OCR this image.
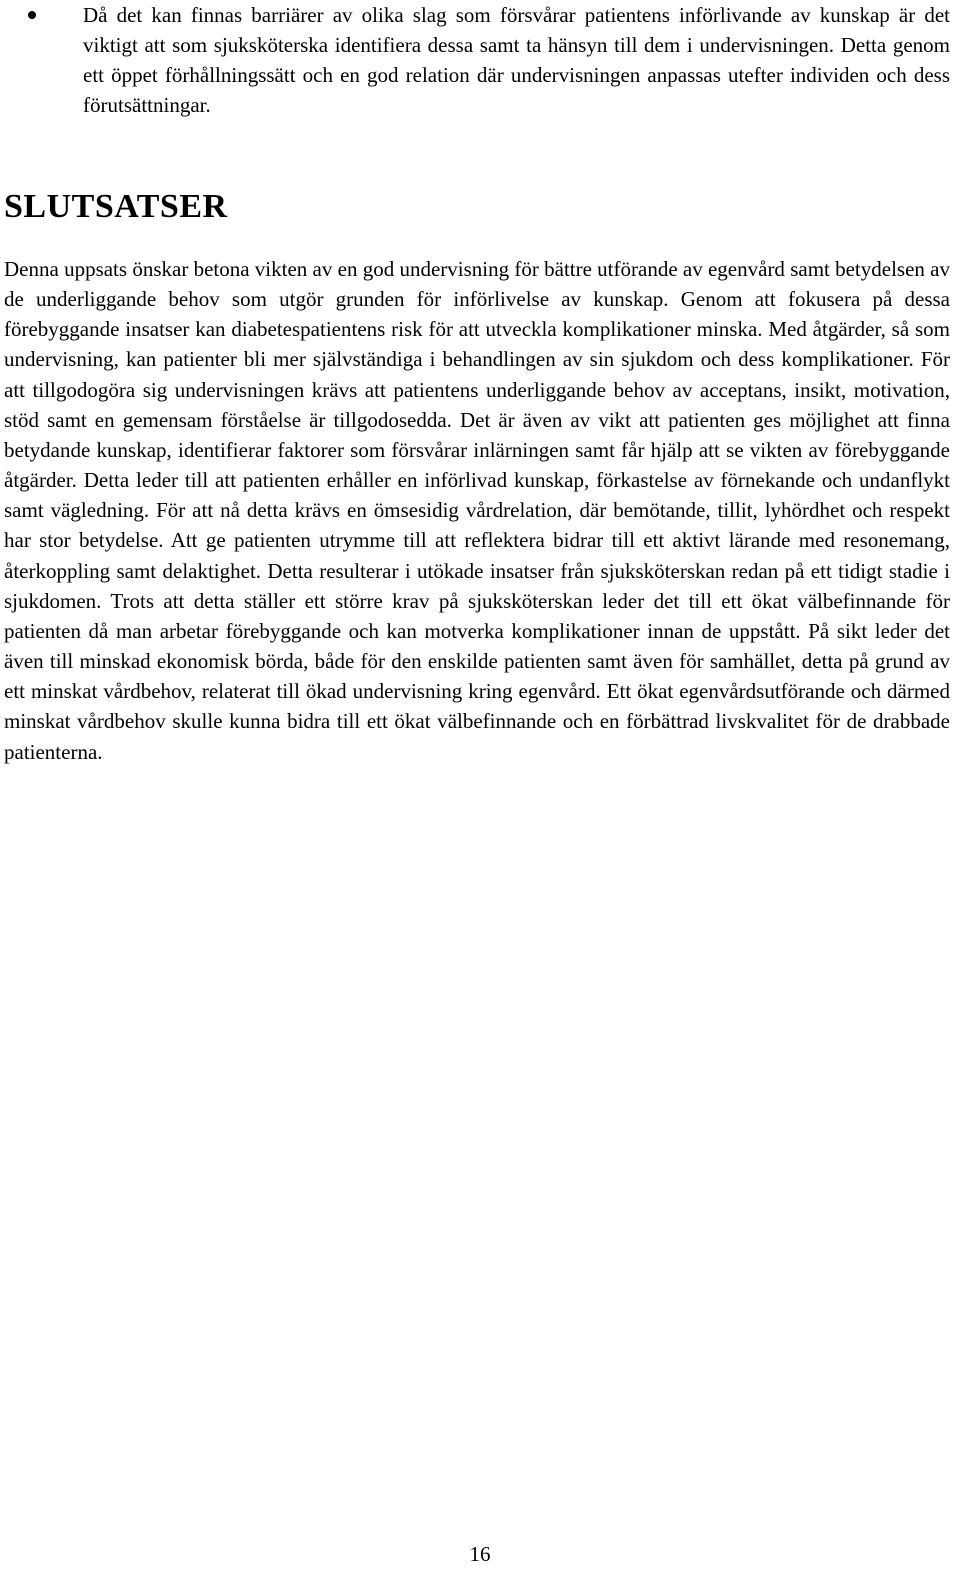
Då det kan finnas barriärer av olika slag som försvårar patientens införlivande av kunskap är det viktigt att som sjuksköterska identifiera dessa samt ta hänsyn till dem i undervisningen. Detta genom ett öppet förhållningssätt och en god relation där undervisningen anpassas utefter individen och dess förutsättningar.
SLUTSATSER

Denna uppsats önskar betona vikten av en god undervisning för bättre utförande av egenvård samt betydelsen av de underliggande behov som utgör grunden för införlivelse av kunskap. Genom att fokusera på dessa förebyggande insatser kan diabetespatientens risk för att utveckla komplikationer minska. Med åtgärder, så som undervisning, kan patienter bli mer självständiga i behandlingen av sin sjukdom och dess komplikationer. För att tillgodogöra sig undervisningen krävs att patientens underliggande behov av acceptans, insikt, motivation, stöd samt en gemensam förståelse är tillgodosedda. Det är även av vikt att patienten ges möjlighet att finna betydande kunskap, identifierar faktorer som försvårar inlärningen samt får hjälp att se vikten av förebyggande åtgärder. Detta leder till att patienten erhåller en införlivad kunskap, förkastelse av förnekande och undanflykt samt vägledning. För att nå detta krävs en ömsesidig vårdrelation, där bemötande, tillit, lyhördhet och respekt har stor betydelse. Att ge patienten utrymme till att reflektera bidrar till ett aktivt lärande med resonemang, återkoppling samt delaktighet. Detta resulterar i utökade insatser från sjuksköterskan redan på ett tidigt stadie i sjukdomen. Trots att detta ställer ett större krav på sjuksköterskan leder det till ett ökat välbefinnande för patienten då man arbetar förebyggande och kan motverka komplikationer innan de uppstått. På sikt leder det även till minskad ekonomisk börda, både för den enskilde patienten samt även för samhället, detta på grund av ett minskat vårdbehov, relaterat till ökad undervisning kring egenvård. Ett ökat egenvårdsutförande och därmed minskat vårdbehov skulle kunna bidra till ett ökat välbefinnande och en förbättrad livskvalitet för de drabbade patienterna.

16
